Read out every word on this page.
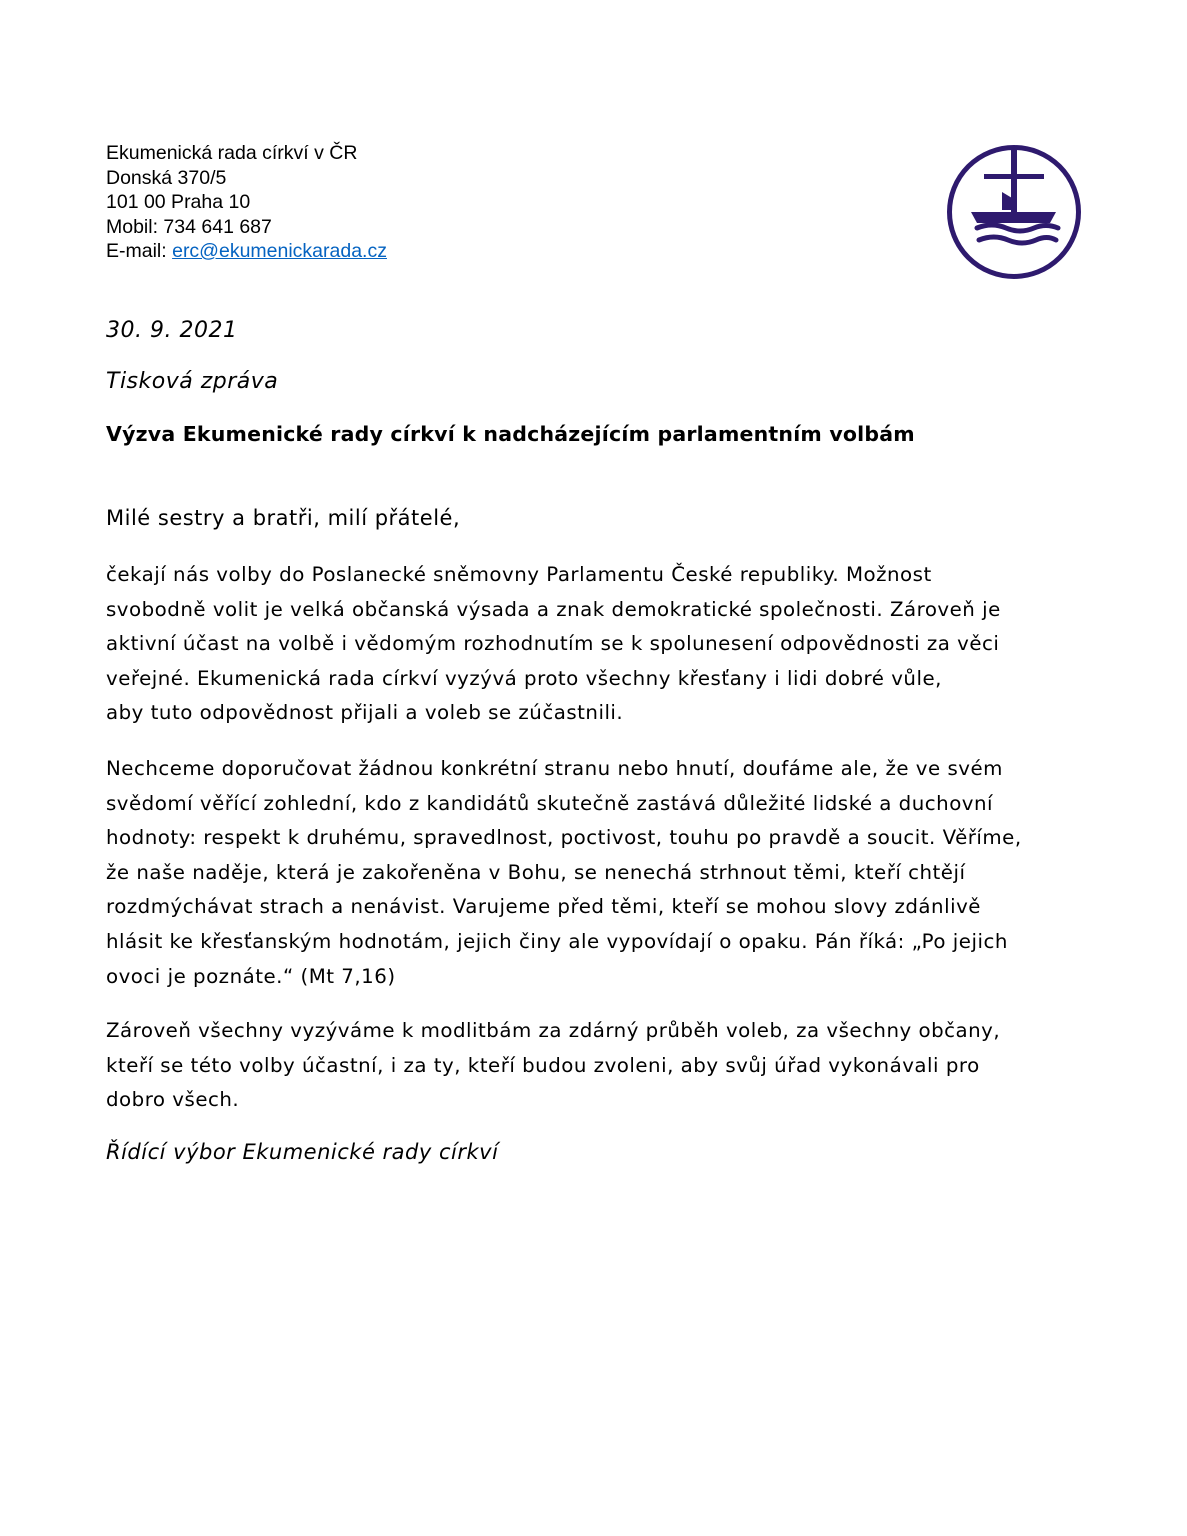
Ekumenická rada církví v ČR
Donská 370/5
101 00 Praha 10
Mobil: 734 641 687
E-mail: erc@ekumenickarada.cz
30. 9. 2021
Tisková zpráva
Výzva Ekumenické rady církví k nadcházejícím parlamentním volbám
Milé sestry a bratři, milí přátelé,
čekají nás volby do Poslanecké sněmovny Parlamentu České republiky. Možnost
svobodně volit je velká občanská výsada a znak demokratické společnosti. Zároveň je
aktivní účast na volbě i vědomým rozhodnutím se k spolunesení odpovědnosti za věci
veřejné. Ekumenická rada církví vyzývá proto všechny křesťany i lidi dobré vůle,
aby tuto odpovědnost přijali a voleb se zúčastnili.
Nechceme doporučovat žádnou konkrétní stranu nebo hnutí, doufáme ale, že ve svém
svědomí věřící zohlední, kdo z kandidátů skutečně zastává důležité lidské a duchovní
hodnoty: respekt k druhému, spravedlnost, poctivost, touhu po pravdě a soucit. Věříme,
že naše naděje, která je zakořeněna v Bohu, se nenechá strhnout těmi, kteří chtějí
rozdmýchávat strach a nenávist. Varujeme před těmi, kteří se mohou slovy zdánlivě
hlásit ke křesťanským hodnotám, jejich činy ale vypovídají o opaku. Pán říká: „Po jejich
ovoci je poznáte.“ (Mt 7,16)
Zároveň všechny vyzýváme k modlitbám za zdárný průběh voleb, za všechny občany,
kteří se této volby účastní, i za ty, kteří budou zvoleni, aby svůj úřad vykonávali pro
dobro všech.
Řídící výbor Ekumenické rady církví
